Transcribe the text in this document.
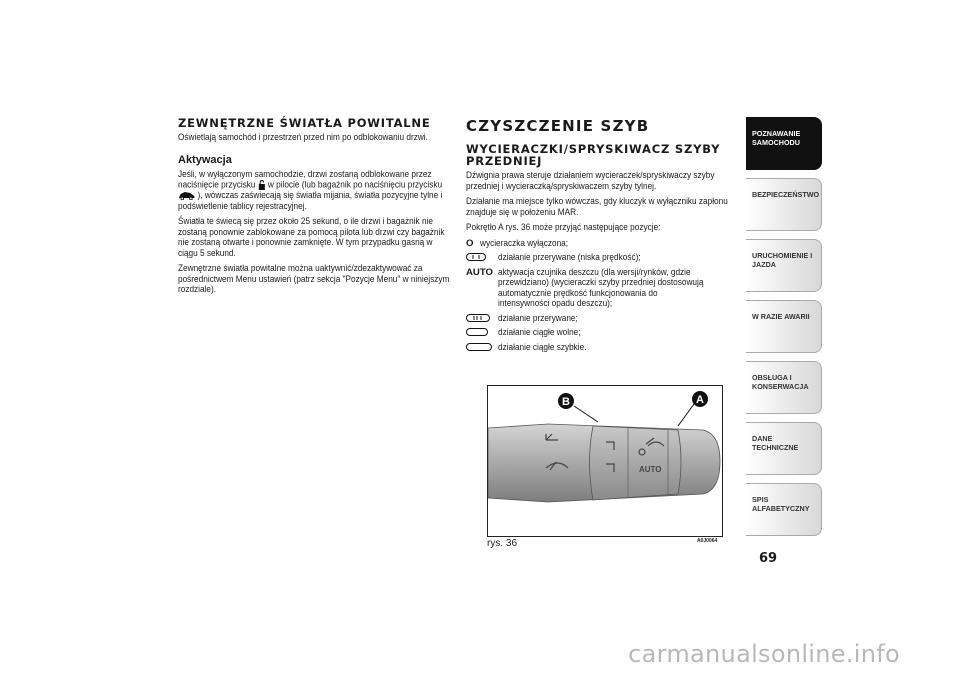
ZEWNĘTRZNE ŚWIATŁA POWITALNE

Oświetlają samochód i przestrzeń przed nim po odblokowaniu drzwi.

Aktywacja

Jeśli, w wyłączonym samochodzie, drzwi zostaną odblokowane przez naciśnięcie przycisku w pilocie (lub bagażnik po naciśnięciu przycisku  ), wówczas zaświecają się światła mijania, światła pozycyjne tylne i podświetlenie tablicy rejestracyjnej.

Światła te świecą się przez około 25 sekund, o ile drzwi i bagażnik nie zostaną ponownie zablokowane za pomocą pilota lub drzwi czy bagażnik nie zostaną otwarte i ponownie zamknięte. W tym przypadku gasną w ciągu 5 sekund.

Zewnętrzne światła powitalne można uaktywnić/zdezaktywować za pośrednictwem Menu ustawień (patrz sekcja "Pozycje Menu" w niniejszym rozdziale).

CZYSZCZENIE SZYB
WYCIERACZKI/SPRYSKIWACZ SZYBY PRZEDNIEJ

Dźwignia prawa steruje działaniem wycieraczek/spryskiwaczy szyby przedniej i wycieraczką/spryskiwaczem szyby tylnej.

Działanie ma miejsce tylko wówczas, gdy kluczyk w wyłączniku zapłonu znajduje się w położeniu MAR.

Pokrętło A rys. 36 może przyjąć następujące pozycje:

O wycieraczka wyłączona;
działanie przerywane (niska prędkość);
AUTO aktywacja czujnika deszczu (dla wersji/rynków, gdzie przewidziano) (wycieraczki szyby przedniej dostosowują automatycznie prędkość funkcjonowania do intensywności opadu deszczu);
działanie przerywane;
działanie ciągłe wolne;
działanie ciągłe szybkie.
AUTO
B	A
rys. 36	A0J0064
69
POZNAWANIE SAMOCHODU
BEZPIECZEŃSTWO
URUCHOMIENIE I JAZDA
W RAZIE AWARII
OBSŁUGA I KONSERWACJA
DANE TECHNICZNE
SPIS ALFABETYCZNY
carmanualsonline.info
